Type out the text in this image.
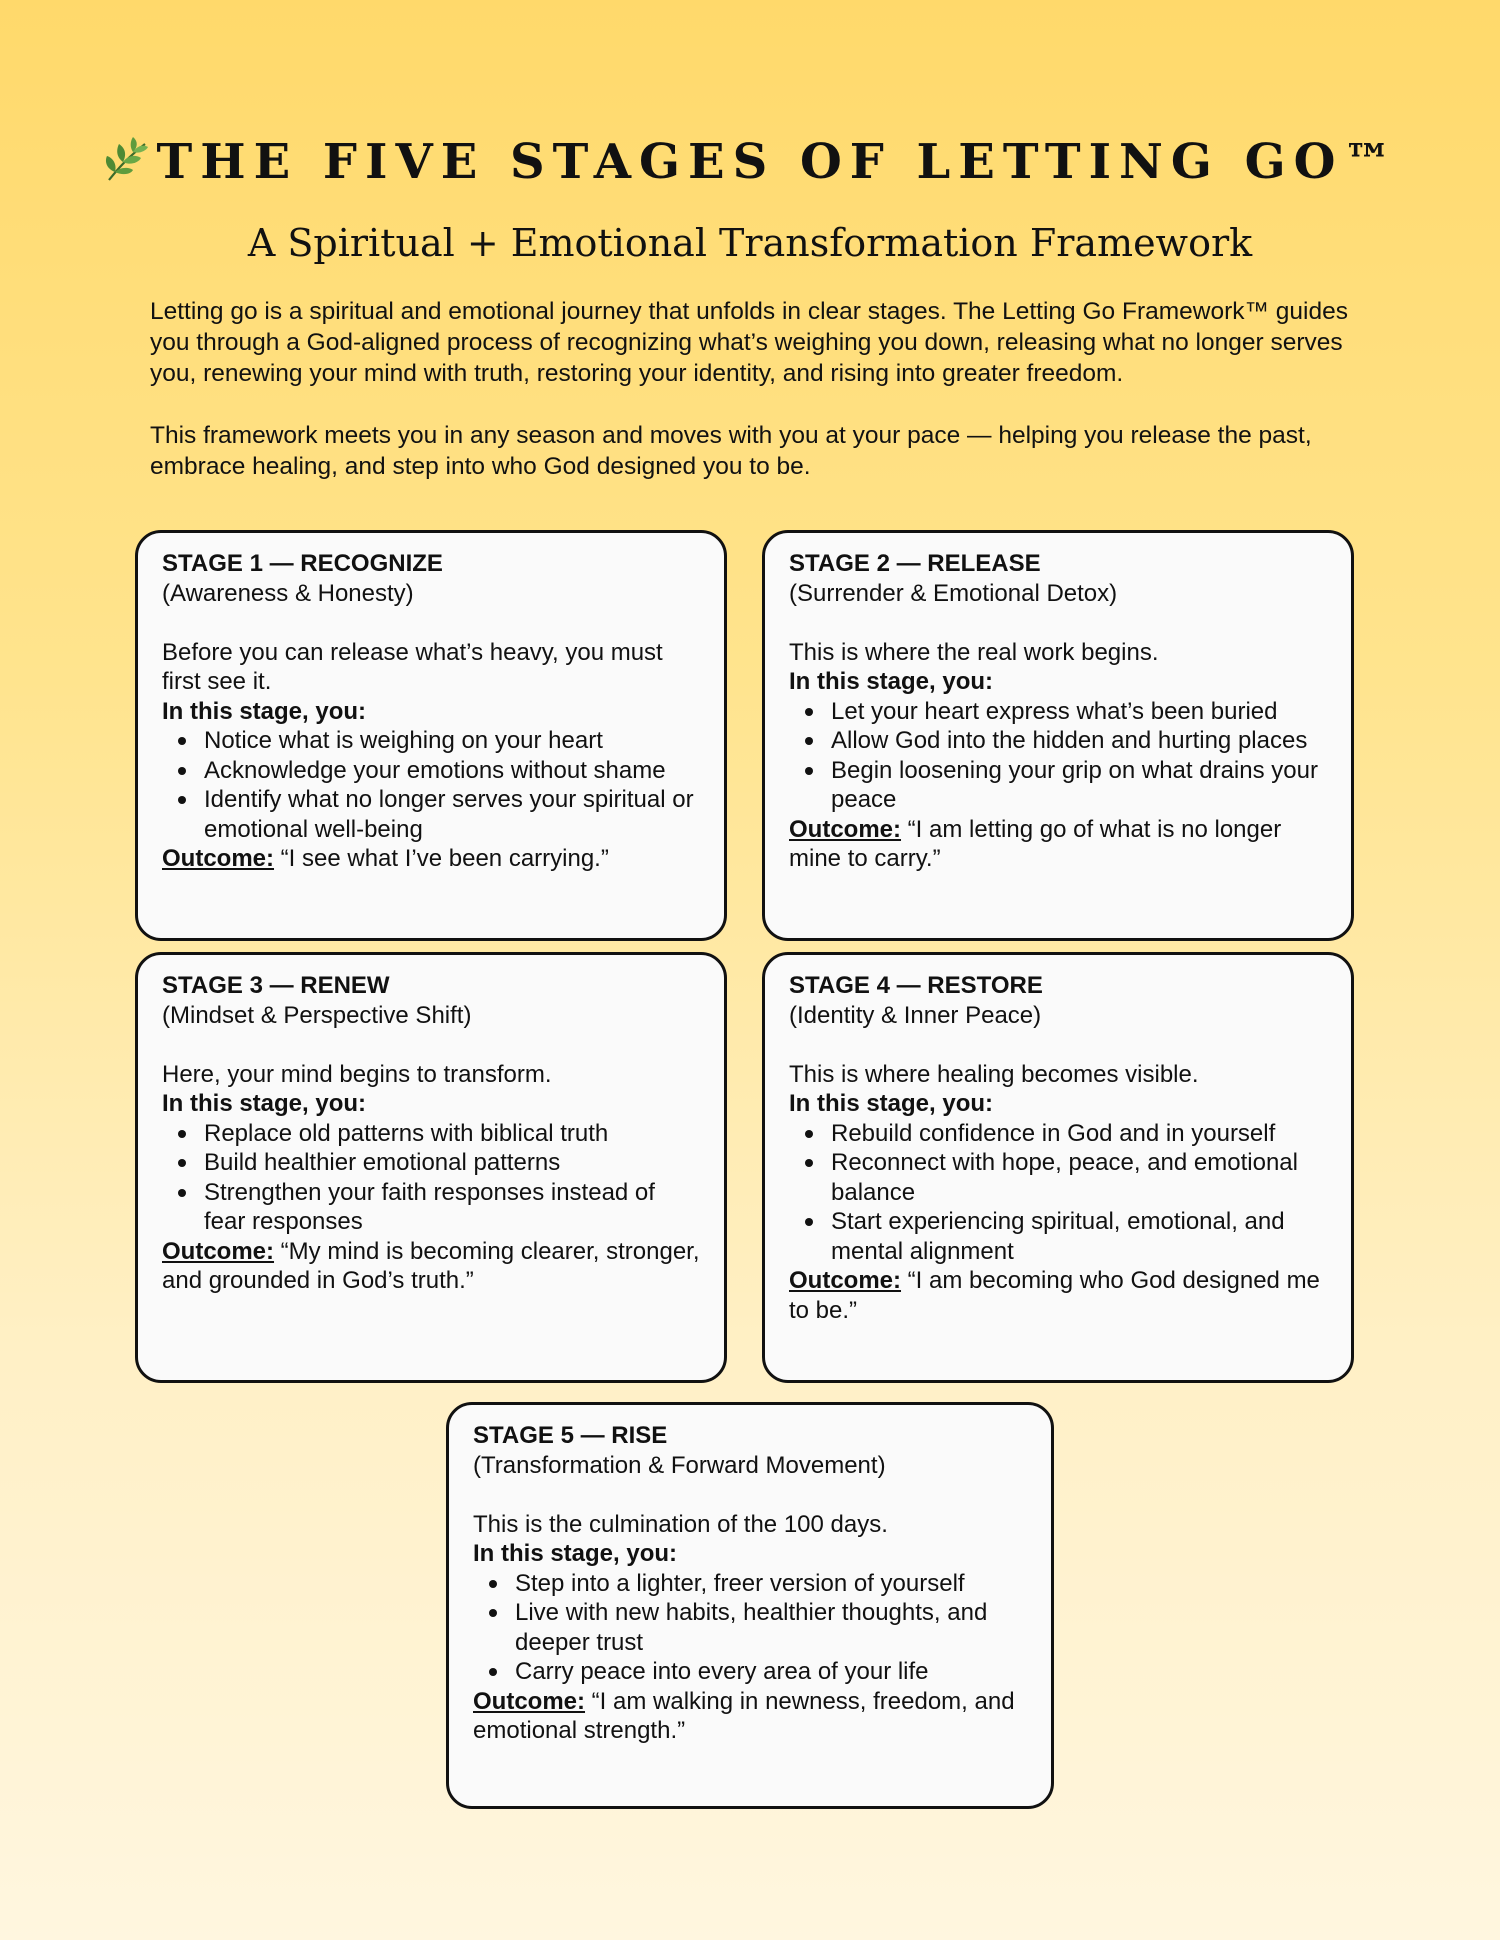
THE FIVE STAGES OF LETTING GO™
A Spiritual + Emotional Transformation Framework

Letting go is a spiritual and emotional journey that unfolds in clear stages. The Letting Go Framework™ guides you through a God-aligned process of recognizing what’s weighing you down, releasing what no longer serves you, renewing your mind with truth, restoring your identity, and rising into greater freedom.

This framework meets you in any season and moves with you at your pace — helping you release the past, embrace healing, and step into who God designed you to be.

STAGE 1 — RECOGNIZE

(Awareness & Honesty)

Before you can release what’s heavy, you must first see it.

In this stage, you:

Notice what is weighing on your heart
Acknowledge your emotions without shame
Identify what no longer serves your spiritual or emotional well-being

Outcome: “I see what I’ve been carrying.”

STAGE 2 — RELEASE

(Surrender & Emotional Detox)

This is where the real work begins.

In this stage, you:

Let your heart express what’s been buried
Allow God into the hidden and hurting places
Begin loosening your grip on what drains your peace

Outcome: “I am letting go of what is no longer mine to carry.”

STAGE 3 — RENEW

(Mindset & Perspective Shift)

Here, your mind begins to transform.

In this stage, you:

Replace old patterns with biblical truth
Build healthier emotional patterns
Strengthen your faith responses instead of fear responses

Outcome: “My mind is becoming clearer, stronger, and grounded in God’s truth.”

STAGE 4 — RESTORE

(Identity & Inner Peace)

This is where healing becomes visible.

In this stage, you:

Rebuild confidence in God and in yourself
Reconnect with hope, peace, and emotional balance
Start experiencing spiritual, emotional, and mental alignment

Outcome: “I am becoming who God designed me to be.”

STAGE 5 — RISE

(Transformation & Forward Movement)

This is the culmination of the 100 days.

In this stage, you:

Step into a lighter, freer version of yourself
Live with new habits, healthier thoughts, and deeper trust
Carry peace into every area of your life

Outcome: “I am walking in newness, freedom, and emotional strength.”
